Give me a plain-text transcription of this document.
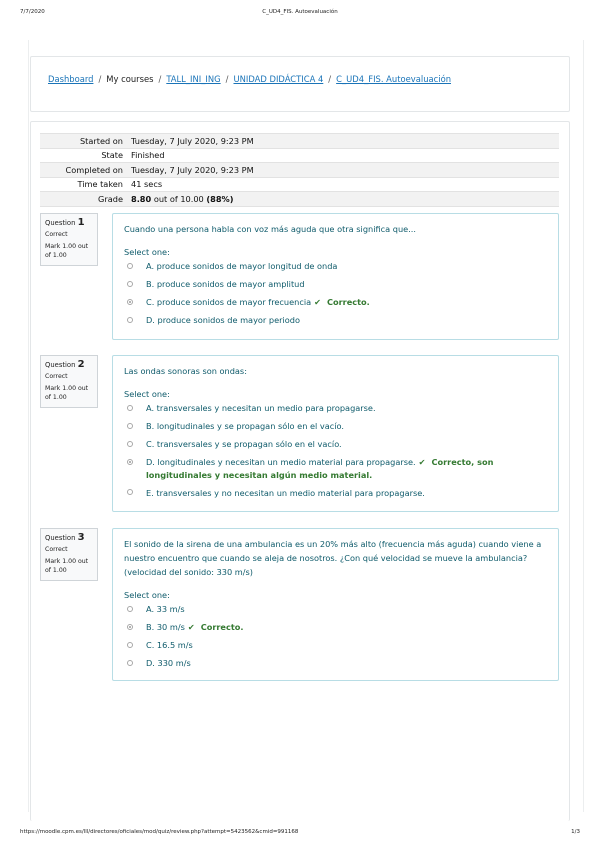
7/7/2020	C_UD4_FIS. Autoevaluación
Dashboard / My courses / TALL_INI_ING / UNIDAD DIDÁCTICA 4 / C_UD4_FIS. Autoevaluación
Started on	Tuesday, 7 July 2020, 9:23 PM
State	Finished
Completed on	Tuesday, 7 July 2020, 9:23 PM
Time taken	41 secs
Grade	8.80 out of 10.00 (88%)
Question 1
Correct
Mark 1.00 out of 1.00
Cuando una persona habla con voz más aguda que otra significa que...
Select one:
A. produce sonidos de mayor longitud de onda
B. produce sonidos de mayor amplitud
C. produce sonidos de mayor frecuencia ✔ Correcto.
D. produce sonidos de mayor periodo
Question 2
Correct
Mark 1.00 out of 1.00
Las ondas sonoras son ondas:
Select one:
A. transversales y necesitan un medio para propagarse.
B. longitudinales y se propagan sólo en el vacío.
C. transversales y se propagan sólo en el vacío.
D. longitudinales y necesitan un medio material para propagarse. ✔ Correcto, son longitudinales y necesitan algún medio material.
E. transversales y no necesitan un medio material para propagarse.
Question 3
Correct
Mark 1.00 out of 1.00
El sonido de la sirena de una ambulancia es un 20% más alto (frecuencia más aguda) cuando viene a nuestro encuentro que cuando se aleja de nosotros. ¿Con qué velocidad se mueve la ambulancia? (velocidad del sonido: 330 m/s)
Select one:
A. 33 m/s
B. 30 m/s ✔ Correcto.
C. 16.5 m/s
D. 330 m/s
https://moodle.cpm.es/lll/directores/oficiales/mod/quiz/review.php?attempt=5423562&cmid=991168	1/3
